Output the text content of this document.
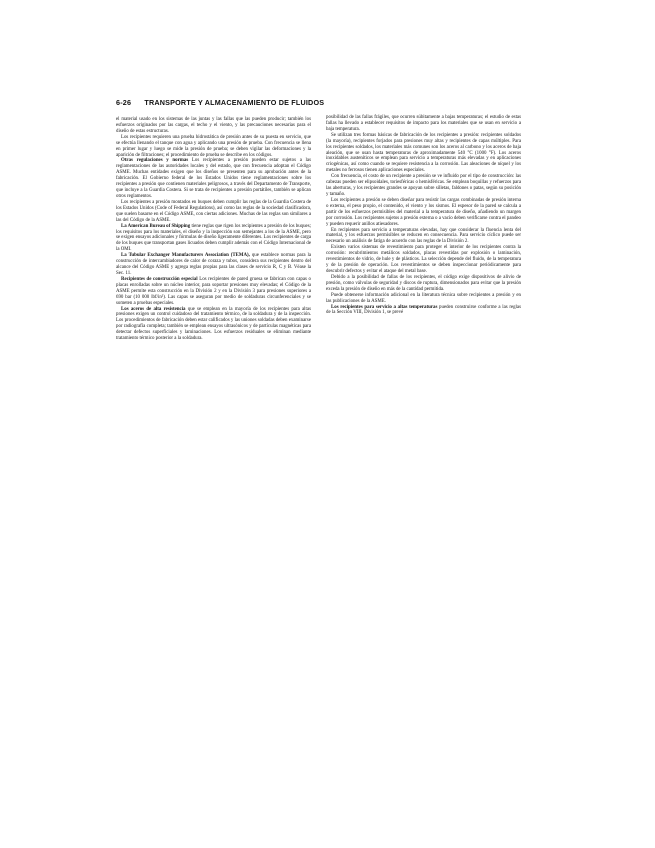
6-26 TRANSPORTE Y ALMACENAMIENTO DE FLUIDOS

el material usado en los sistemas de las juntas y las fallas que las pueden producir; también los esfuerzos originados por las cargas, el techo y el viento, y las precauciones necesarias para el diseño de estas estructuras.

Los recipientes requieren una prueba hidrostática de presión antes de su puesta en servicio, que se efectúa llenando el tanque con agua y aplicando una presión de prueba. Con frecuencia se llena en primer lugar y luego se mide la presión de prueba; se deben vigilar las deformaciones y la aparición de filtraciones; el procedimiento de prueba se describe en los códigos.

Otras regulaciones y normas Los recipientes a presión pueden estar sujetos a las reglamentaciones de las autoridades locales y del estado, que con frecuencia adoptan el Código ASME. Muchas entidades exigen que los diseños se presenten para su aprobación antes de la fabricación. El Gobierno federal de los Estados Unidos tiene reglamentaciones sobre los recipientes a presión que contienen materiales peligrosos, a través del Departamento de Transporte, que incluye a la Guardia Costera. Si se trata de recipientes a presión portátiles, también se aplican otros reglamentos.

Los recipientes a presión montados en buques deben cumplir las reglas de la Guardia Costera de los Estados Unidos (Code of Federal Regulations), así como las reglas de la sociedad clasificadora, que suelen basarse en el Código ASME, con ciertas adiciones. Muchas de las reglas son similares a las del Código de la ASME.

La American Bureau of Shipping tiene reglas que rigen los recipientes a presión de los buques; los requisitos para los materiales, el diseño y la inspección son semejantes a los de la ASME, pero se exigen ensayos adicionales y fórmulas de diseño ligeramente diferentes. Los recipientes de carga de los buques que transportan gases licuados deben cumplir además con el Código Internacional de la OMI.

La Tubular Exchanger Manufacturers Association (TEMA), que establece normas para la construcción de intercambiadores de calor de coraza y tubos, considera sus recipientes dentro del alcance del Código ASME y agrega reglas propias para las clases de servicio R, C y B. Véase la Sec. 11.

Recipientes de construcción especial Los recipientes de pared gruesa se fabrican con capas o placas enrolladas sobre un núcleo interior, para soportar presiones muy elevadas; el Código de la ASME permite esta construcción en la División 2 y en la División 3 para presiones superiores a 690 bar (10 000 lbf/in²). Las capas se aseguran por medio de soldaduras circunferenciales y se someten a pruebas especiales.

Los aceros de alta resistencia que se emplean en la mayoría de los recipientes para altas presiones exigen un control cuidadoso del tratamiento térmico, de la soldadura y de la inspección. Los procedimientos de fabricación deben estar calificados y las uniones soldadas deben examinarse por radiografía completa; también se emplean ensayos ultrasónicos y de partículas magnéticas para detectar defectos superficiales y laminaciones. Los esfuerzos residuales se eliminan mediante tratamiento térmico posterior a la soldadura.

posibilidad de las fallas frágiles, que ocurren súbitamente a bajas temperaturas; el estudio de estas fallas ha llevado a establecer requisitos de impacto para los materiales que se usan en servicio a baja temperatura.

Se utilizan tres formas básicas de fabricación de los recipientes a presión: recipientes soldados (la mayoría), recipientes forjados para presiones muy altas y recipientes de capas múltiples. Para los recipientes soldados, los materiales más comunes son los aceros al carbono y los aceros de baja aleación, que se usan hasta temperaturas de aproximadamente 540 °C (1000 °F). Los aceros inoxidables austeníticos se emplean para servicio a temperaturas más elevadas y en aplicaciones criogénicas, así como cuando se requiere resistencia a la corrosión. Las aleaciones de níquel y los metales no ferrosos tienen aplicaciones especiales.

Con frecuencia, el costo de un recipiente a presión se ve influido por el tipo de construcción: las cabezas pueden ser elipsoidales, toriesféricas o hemisféricas. Se emplean boquillas y refuerzos para las aberturas, y los recipientes grandes se apoyan sobre silletas, faldones o patas, según su posición y tamaño.

Los recipientes a presión se deben diseñar para resistir las cargas combinadas de presión interna o externa, el peso propio, el contenido, el viento y los sismos. El espesor de la pared se calcula a partir de los esfuerzos permisibles del material a la temperatura de diseño, añadiendo un margen por corrosión. Los recipientes sujetos a presión externa o a vacío deben verificarse contra el pandeo y pueden requerir anillos atiesadores.

En recipientes para servicio a temperaturas elevadas, hay que considerar la fluencia lenta del material, y los esfuerzos permisibles se reducen en consecuencia. Para servicio cíclico puede ser necesario un análisis de fatiga de acuerdo con las reglas de la División 2.

Existen varios sistemas de revestimiento para proteger el interior de los recipientes contra la corrosión: recubrimientos metálicos soldados, placas revestidas por explosión o laminación, revestimientos de vidrio, de hule y de plásticos. La selección depende del fluido, de la temperatura y de la presión de operación. Los revestimientos se deben inspeccionar periódicamente para descubrir defectos y evitar el ataque del metal base.

Debido a la posibilidad de fallas de los recipientes, el código exige dispositivos de alivio de presión, como válvulas de seguridad y discos de ruptura, dimensionados para evitar que la presión exceda la presión de diseño en más de la cantidad permitida.

Puede obtenerse información adicional en la literatura técnica sobre recipientes a presión y en las publicaciones de la ASME.

Los recipientes para servicio a altas temperaturas pueden construirse conforme a las reglas de la Sección VIII, División 1, se prevé
